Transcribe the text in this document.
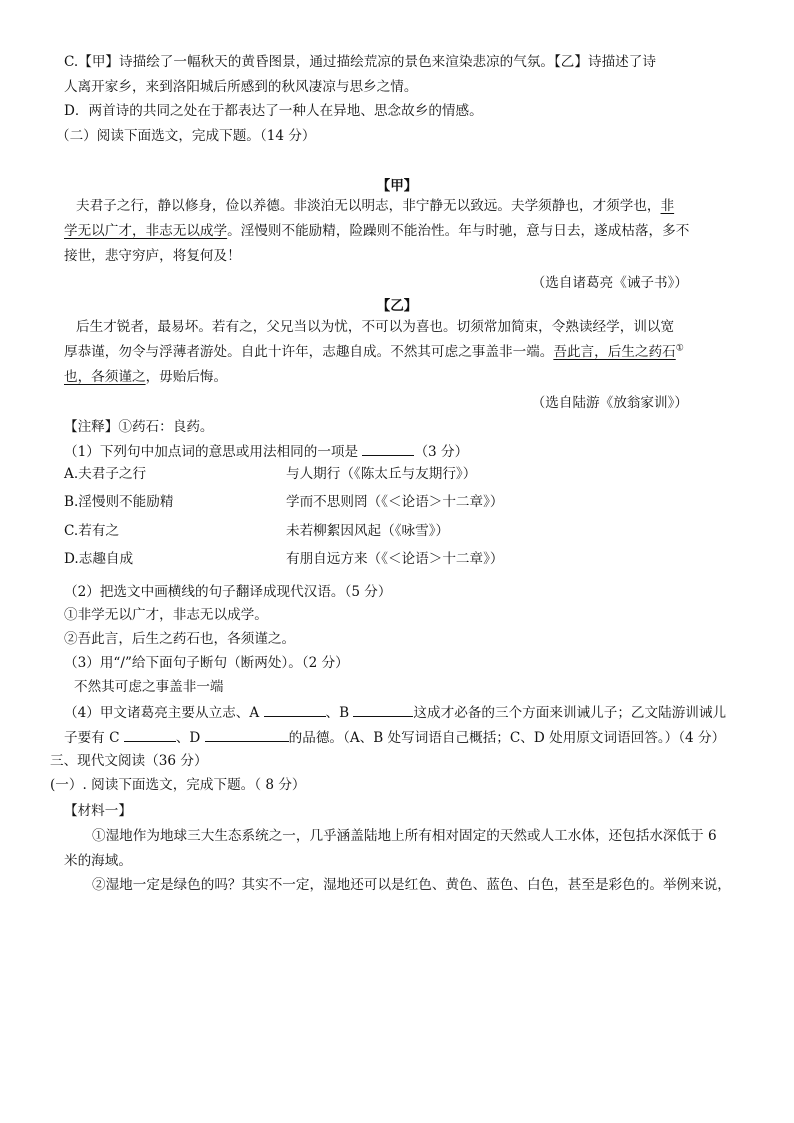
C.【甲】诗描绘了一幅秋天的黄昏图景，通过描绘荒凉的景色来渲染悲凉的气氛。【乙】诗描述了诗
人离开家乡，来到洛阳城后所感到的秋风凄凉与思乡之情。
D．两首诗的共同之处在于都表达了一种人在异地、思念故乡的情感。
（二）阅读下面选文，完成下题。（14 分）
【甲】
夫君子之行，静以修身，俭以养德。非淡泊无以明志，非宁静无以致远。夫学须静也，才须学也，非
学无以广才，非志无以成学。淫慢则不能励精，险躁则不能治性。年与时驰，意与日去，遂成枯落，多不
接世，悲守穷庐，将复何及！
（选自诸葛亮《诫子书》）
【乙】
后生才锐者，最易坏。若有之，父兄当以为忧，不可以为喜也。切须常加简束，令熟读经学，训以宽
厚恭谨，勿令与浮薄者游处。自此十许年，志趣自成。不然其可虑之事盖非一端。吾此言，后生之药石①
也，各须谨之，毋贻后悔。
（选自陆游《放翁家训》）
【注释】①药石：良药。
（1）下列句中加点词的意思或用法相同的一项是	（3 分）
A.夫君子之行	与人期行（《陈太丘与友期行》）
B.淫慢则不能励精	学而不思则罔（《＜论语＞十二章》）
C.若有之	未若柳絮因风起（《咏雪》）
D.志趣自成	有朋自远方来（《＜论语＞十二章》）
（2）把选文中画横线的句子翻译成现代汉语。（5 分）
①非学无以广才，非志无以成学。
②吾此言，后生之药石也，各须谨之。
（3）用“/”给下面句子断句（断两处）。（2 分）
不然其可虑之事盖非一端
（4）甲文诸葛亮主要从立志、A	、B	这成才必备的三个方面来训诫儿子；乙文陆游训诫儿
子要有 C	、D	的品德。（A、B 处写词语自己概括；C、D 处用原文词语回答。）（4 分）
三、现代文阅读（36 分）
(一）. 阅读下面选文，完成下题。（ 8 分）
【材料一】
①湿地作为地球三大生态系统之一，几乎涵盖陆地上所有相对固定的天然或人工水体，还包括水深低于 6
米的海域。
②湿地一定是绿色的吗？其实不一定，湿地还可以是红色、黄色、蓝色、白色，甚至是彩色的。举例来说，
